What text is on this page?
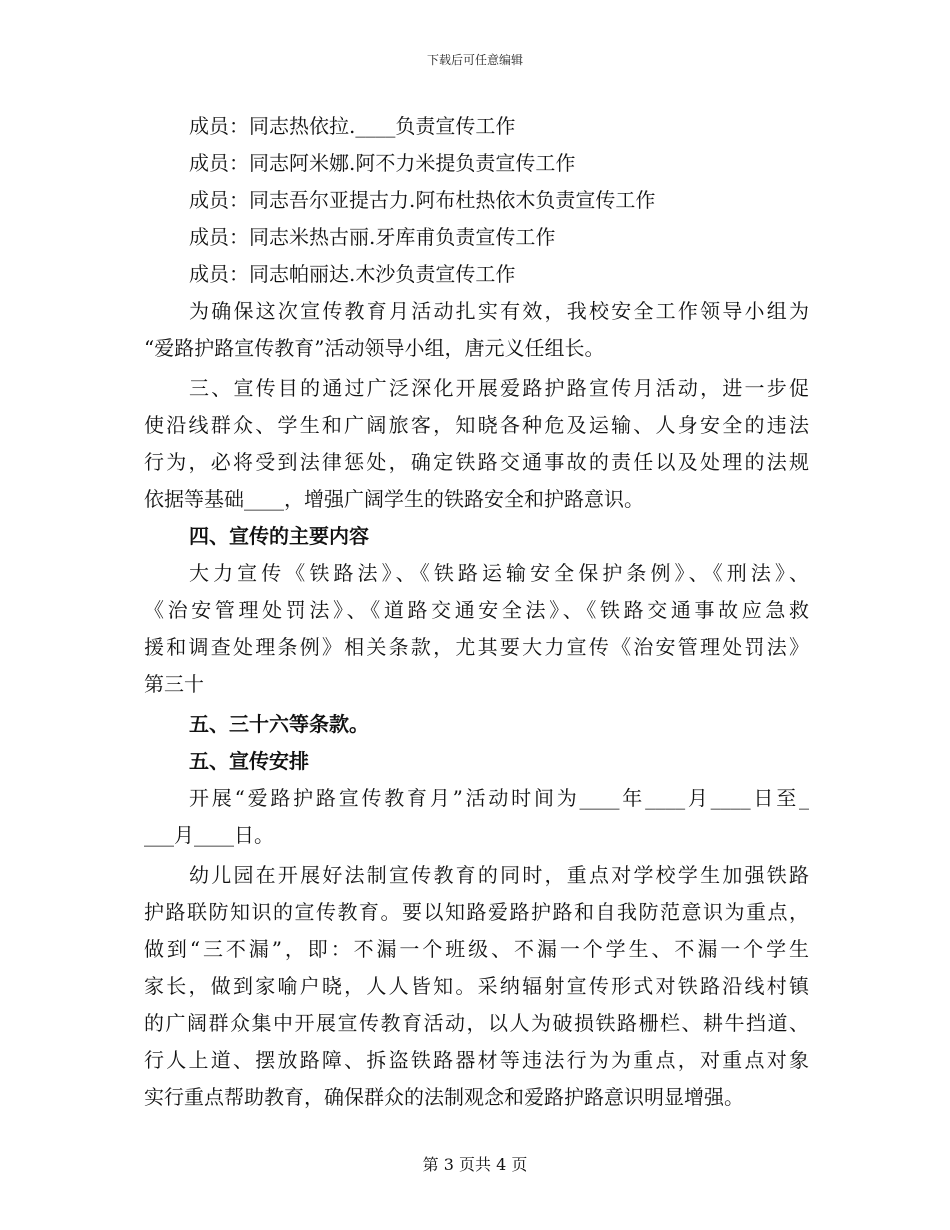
下载后可任意编辑
成员：同志热依拉.____负责宣传工作
成员：同志阿米娜.阿不力米提负责宣传工作
成员：同志吾尔亚提古力.阿布杜热依木负责宣传工作
成员：同志米热古丽.牙库甫负责宣传工作
成员：同志帕丽达.木沙负责宣传工作
为确保这次宣传教育月活动扎实有效，我校安全工作领导小组为
“爱路护路宣传教育”活动领导小组，唐元义任组长。
三、宣传目的通过广泛深化开展爱路护路宣传月活动，进一步促
使沿线群众、学生和广阔旅客，知晓各种危及运输、人身安全的违法
行为，必将受到法律惩处，确定铁路交通事故的责任以及处理的法规
依据等基础____，增强广阔学生的铁路安全和护路意识。
四、宣传的主要内容
大力宣传《铁路法》、《铁路运输安全保护条例》、《刑法》、
《治安管理处罚法》、《道路交通安全法》、《铁路交通事故应急救
援和调查处理条例》相关条款，尤其要大力宣传《治安管理处罚法》
第三十
五、三十六等条款。
五、宣传安排
开展“爱路护路宣传教育月”活动时间为____年____月____日至_
___月____日。
幼儿园在开展好法制宣传教育的同时，重点对学校学生加强铁路
护路联防知识的宣传教育。要以知路爱路护路和自我防范意识为重点，
做到“三不漏”，即：不漏一个班级、不漏一个学生、不漏一个学生
家长，做到家喻户晓，人人皆知。采纳辐射宣传形式对铁路沿线村镇
的广阔群众集中开展宣传教育活动，以人为破损铁路栅栏、耕牛挡道、
行人上道、摆放路障、拆盗铁路器材等违法行为为重点，对重点对象
实行重点帮助教育，确保群众的法制观念和爱路护路意识明显增强。
第 3 页共 4 页
